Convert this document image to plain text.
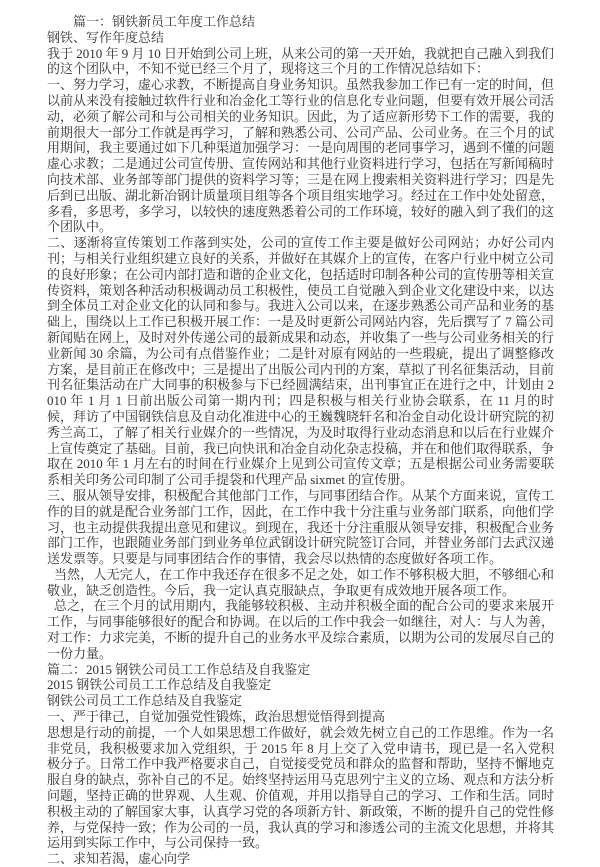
　　篇一：钢铁新员工年度工作总结

钢铁、写作年度总结

我于 2010 年 9 月 10 日开始到公司上班，从来公司的第一天开始，我就把自己融入到我们的这个团队中，不知不觉已经三个月了，现将这三个月的工作情况总结如下：

一、努力学习，虚心求教，不断提高自身业务知识。虽然我参加工作已有一定的时间，但以前从来没有接触过软件行业和冶金化工等行业的信息化专业问题，但要有效开展公司活动，必须了解公司和与公司相关的业务知识。因此，为了适应新形势下工作的需要，我的前期很大一部分工作就是再学习，了解和熟悉公司、公司产品、公司业务。在三个月的试用期间，我主要通过如下几种渠道加强学习：一是向周围的老同事学习，遇到不懂的问题虚心求教；二是通过公司宣传册、宣传网站和其他行业资料进行学习，包括在写新闻稿时向技术部、业务部等部门提供的资料学习等；三是在网上搜索相关资料进行学习；四是先后到已出版、湖北新冶钢计质量项目组等各个项目组实地学习。经过在工作中处处留意，多看，多思考，多学习，以较快的速度熟悉着公司的工作环境，较好的融入到了我们的这个团队中。

二、逐渐将宣传策划工作落到实处，公司的宣传工作主要是做好公司网站；办好公司内刊；与相关行业组织建立良好的关系，并做好在其媒介上的宣传，在客户行业中树立公司的良好形象；在公司内部打造和谐的企业文化，包括适时印制各种公司的宣传册等相关宣传资料，策划各种活动积极调动员工积极性，使员工自觉融入到企业文化建设中来，以达到全体员工对企业文化的认同和参与。我进入公司以来，在逐步熟悉公司产品和业务的基础上，围绕以上工作已积极开展工作：一是及时更新公司网站内容，先后撰写了 7 篇公司新闻贴在网上，及时对外传递公司的最新成果和动态，并收集了一些与公司业务相关的行业新闻 30 余篇，为公司有点借鉴作业；二是针对原有网站的一些瑕疵，提出了调整修改方案，是目前正在修改中；三是提出了出版公司内刊的方案，草拟了刊名征集活动，目前刊名征集活动在广大同事的积极参与下已经圆满结束，出刊事宜正在进行之中，计划由 2010 年 1 月 1 日前出版公司第一期内刊；四是积极与相关行业协会联系，在 11 月的时候，拜访了中国钢铁信息及自动化准进中心的王巍魏晓轩名和冶金自动化设计研究院的初秀兰高工，了解了相关行业媒介的一些情况，为及时取得行业动态消息和以后在行业媒介上宣传奠定了基础。目前，我已向快讯和冶金自动化杂志投稿，并在和他们取得联系，争取在 2010 年 1 月左右的时间在行业媒介上见到公司宣传文章；五是根据公司业务需要联系相关印务公司印制了公司手提袋和代理产品 sixmet 的宣传册。

三、服从领导安排，积极配合其他部门工作，与同事团结合作。从某个方面来说，宣传工作的目的就是配合业务部门工作，因此，在工作中我十分注重与业务部门联系，向他们学习，也主动提供我提出意见和建议。到现在，我还十分注重服从领导安排，积极配合业务部门工作，也跟随业务部门到业务单位武钢设计研究院签订合同，并替业务部门去武汉递送发票等。只要是与同事团结合作的事情，我会尽以热情的态度做好各项工作。

当然，人无完人，在工作中我还存在很多不足之处，如工作不够积极大胆，不够细心和敬业，缺乏创造性。今后，我一定认真克服缺点，争取更有成效地开展各项工作。

总之，在三个月的试用期内，我能够较积极、主动并积极全面的配合公司的要求来展开工作，与同事能够很好的配合和协调。在以后的工作中我会一如继往，对人：与人为善，对工作：力求完美，不断的提升自己的业务水平及综合素质，以期为公司的发展尽自己的一份力量。

篇二：2015 钢铁公司员工工作总结及自我鉴定

2015 钢铁公司员工工作总结及自我鉴定

钢铁公司员工工作总结及自我鉴定

一、严于律己，自觉加强党性锻炼，政治思想觉悟得到提高

思想是行动的前提，一个人如果思想工作做好，就会效先树立自己的工作思维。作为一名非党员，我积极要求加入党组织，于 2015 年 8 月上交了入党申请书，现已是一名入党积极分子。日常工作中我严格要求自己，自觉接受党员和群众的监督和帮助，坚持不懈地克服自身的缺点，弥补自己的不足。始终坚持运用马克思列宁主义的立场、观点和方法分析问题，坚持正确的世界观、人生观、价值观，并用以指导自己的学习、工作和生活。同时积极主动的了解国家大事，认真学习党的各项新方针、新政策，不断的提升自己的党性修养，与党保持一致；作为公司的一员，我认真的学习和渗透公司的主流文化思想，并将其运用到实际工作中，与公司保持一致。

二、求知若渴，虚心向学
